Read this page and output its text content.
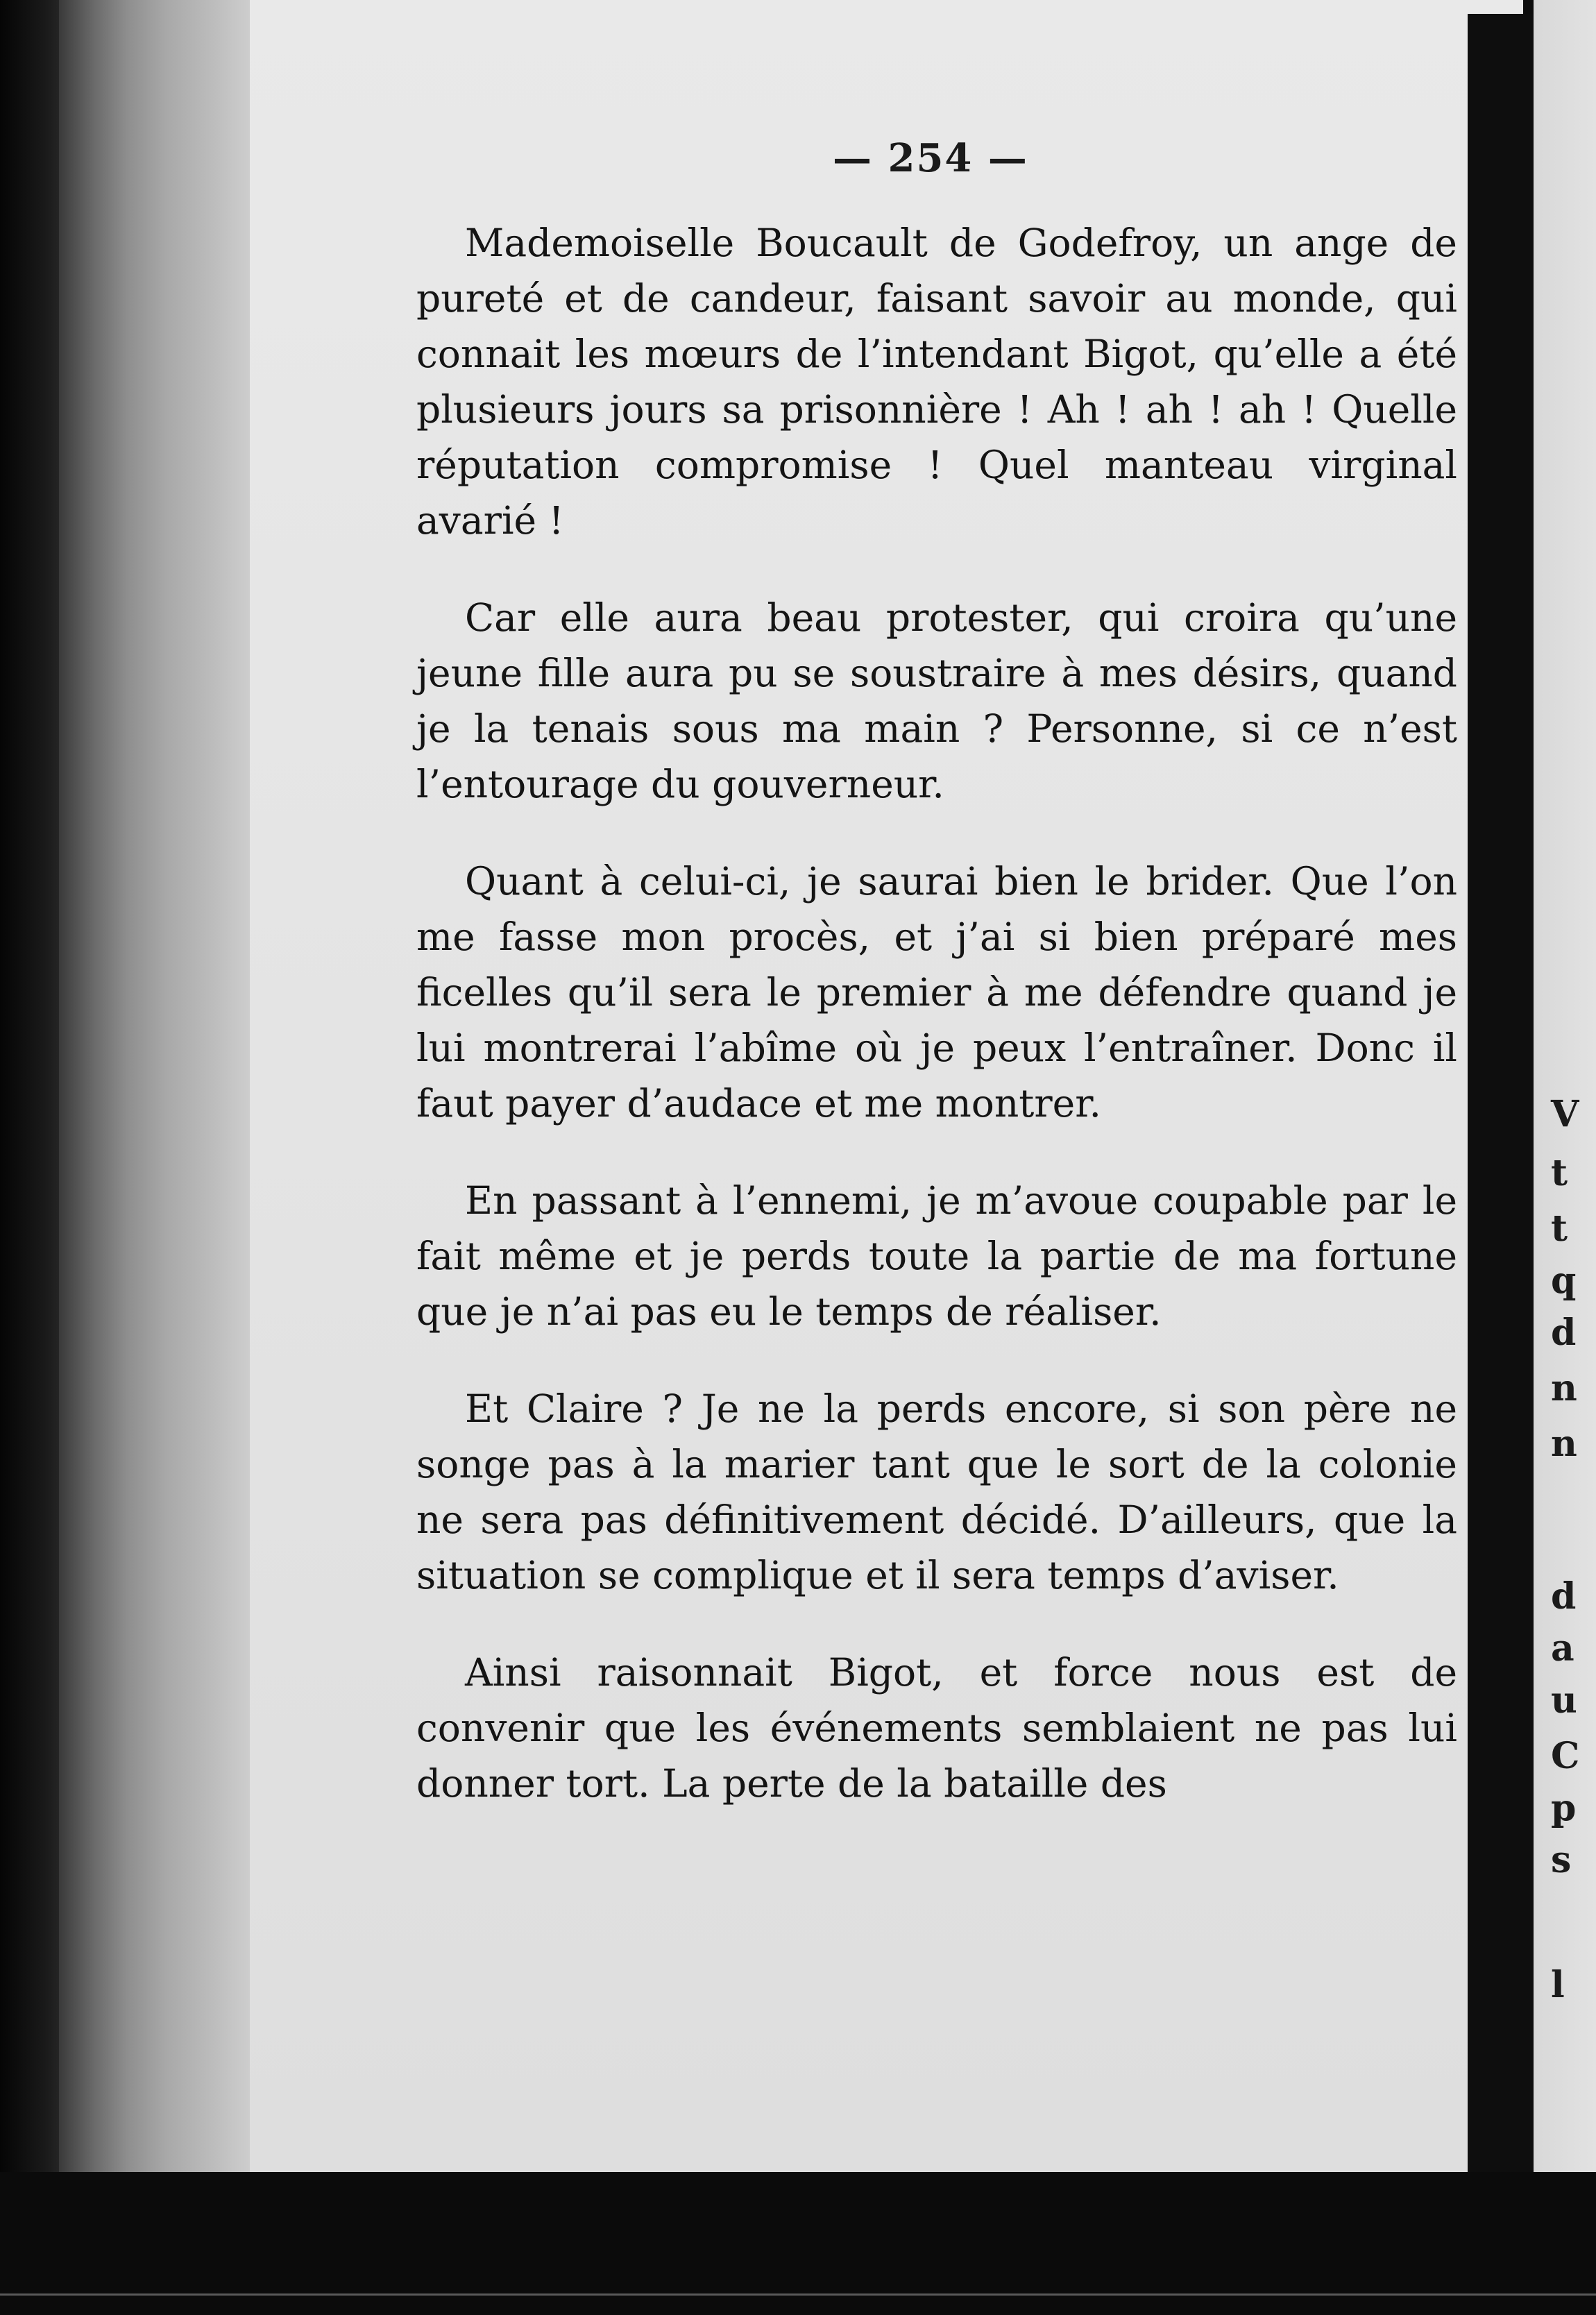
— 254 —

Mademoiselle Boucault de Godefroy, un ange de pureté et de candeur, faisant savoir au monde, qui connait les mœurs de l’intendant Bigot, qu’elle a été plusieurs jours sa prisonnière ! Ah ! ah ! ah ! Quelle réputation compromise ! Quel manteau virginal avarié !

Car elle aura beau protester, qui croira qu’une jeune fille aura pu se soustraire à mes désirs, quand je la tenais sous ma main ? Personne, si ce n’est l’entourage du gouverneur.

Quant à celui-ci, je saurai bien le brider. Que l’on me fasse mon procès, et j’ai si bien préparé mes ficelles qu’il sera le premier à me défendre quand je lui montrerai l’abîme où je peux l’entraîner. Donc il faut payer d’audace et me montrer.

En passant à l’ennemi, je m’avoue coupable par le fait même et je perds toute la partie de ma fortune que je n’ai pas eu le temps de réaliser.

Et Claire ? Je ne la perds encore, si son père ne songe pas à la marier tant que le sort de la colonie ne sera pas définitivement décidé. D’ailleurs, que la situation se complique et il sera temps d’aviser.

Ainsi raisonnait Bigot, et force nous est de convenir que les événements semblaient ne pas lui donner tort. La perte de la bataille des

V
t
t
q
d
n
n
d
a
u
C
p
s
l
